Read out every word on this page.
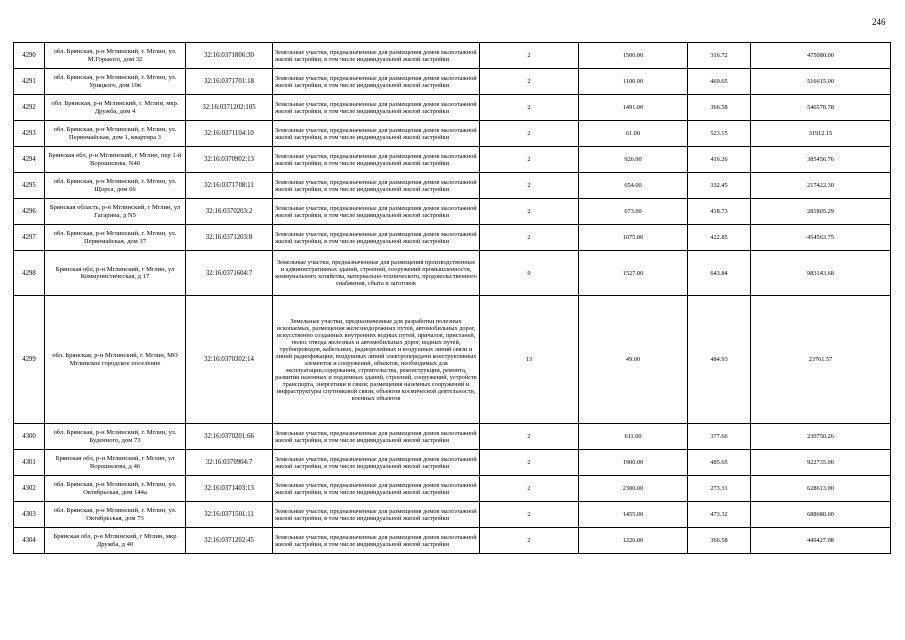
246
4290	обл. Брянская, р-н Мглинский, г. Мглин, ул. М.Горького, дом 32	32:16:0371806:30	Земельные участки, предназначенные для размещения домов малоэтажной жилой застройки, в том числе индивидуальной жилой застройки	2	1500.00	316.72	475080.00
4291	обл. Брянская, р-н Мглинский, г. Мглин, ул. Урицкого, дом 10в	32:16:0371701:18	Земельные участки, предназначенные для размещения домов малоэтажной жилой застройки, в том числе индивидуальной жилой застройки	2	1100.00	469.65	516615.00
4292	обл. Брянская, р-н Мглинский, г. Мглин, мкр. Дружба, дом 4	32:16:0371202:105	Земельные участки, предназначенные для размещения домов малоэтажной жилой застройки, в том числе индивидуальной жилой застройки	2	1491.00	366.58	546570.78
4293	обл. Брянская, р-н Мглинский, г. Мглин, ул. Первомайская, дом 1, квартира 3	32:16:0371104:10	Земельные участки, предназначенные для размещения домов малоэтажной жилой застройки, в том числе индивидуальной жилой застройки	2	61.00	523.15	31912.15
4294	Брянская обл, р-н Мглинский, г Мглин, пер 1-й Ворошилова, N40	32:16:0370902:13	Земельные участки, предназначенные для размещения домов малоэтажной жилой застройки, в том числе индивидуальной жилой застройки	2	926.00	416.26	385456.76
4295	обл. Брянская, р-н Мглинский, г. Мглин, ул. Щорса, дом 66	32:16:0371708:11	Земельные участки, предназначенные для размещения домов малоэтажной жилой застройки, в том числе индивидуальной жилой застройки	2	654.00	332.45	217422.30
4296	Брянская область, р-н Мглинский, г Мглин, ул Гагарина, д N5	32:16:0370203:2	Земельные участки, предназначенные для размещения домов малоэтажной жилой застройки, в том числе индивидуальной жилой застройки	2	673.00	418.73	281805.29
4297	обл. Брянская, р-н Мглинский, г. Мглин, ул. Первомайская, дом 37	32:16:0371203:8	Земельные участки, предназначенные для размещения домов малоэтажной жилой застройки, в том числе индивидуальной жилой застройки	2	1075.00	422.85	454563.75
4298	Брянская обл, р-н Мглинский, г Мглин, ул Коммунистическая, д 17	32:16:0371604:7	Земельные участки, предназначенные для размещения производственных и административных зданий, строений, сооружений промышленности, коммунального хозяйства, материально-технического, продовольственного снабжения, сбыта и заготовок	9	1527.00	643.84	983143.68
4299	обл. Брянская, р-н Мглинский, г. Мглин, МО Мглинское городское поселение	32:16:0370302:14	Земельные участки, предназначенные для разработки полезных ископаемых, размещения железнодорожных путей, автомобильных дорог, искусственно созданных внутренних водных путей, причалов, пристаней, полос отвода железных и автомобильных дорог, водных путей, трубопроводов, кабельных, радиорелейных и воздушных линий связи и линий радиофикации, воздушных линий электропередачи конструктивных элементов и сооружений, объектов, необходимых для эксплуатации,содержания, строительства, реконструкции, ремонта, развития наземных и подземных зданий, строений, сооружений, устройств транспорта, энергетики и связи; размещения наземных сооружений и инфраструктуры спутниковой связи, объектов космической деятельности, военных объектов	13	49.00	484.93	23761.57
4300	обл. Брянская, р-н Мглинский, г. Мглин, ул. Буденного, дом 73	32:16:0370201:66	Земельные участки, предназначенные для размещения домов малоэтажной жилой застройки, в том числе индивидуальной жилой застройки	2	611.00	377.66	230750.26
4301	Брянская обл, р-н Мглинский, г Мглин, ул Ворошилова, д 46	32:16:0370904:7	Земельные участки, предназначенные для размещения домов малоэтажной жилой застройки, в том числе индивидуальной жилой застройки	2	1900.00	485.65	922735.00
4302	обл. Брянская, р-н Мглинский, г. Мглин, ул. Октябрьская, дом 144а	32:16:0371403:13	Земельные участки, предназначенные для размещения домов малоэтажной жилой застройки, в том числе индивидуальной жилой застройки	2	2300.00	273.31	628613.00
4303	обл. Брянская, р-н Мглинский, г. Мглин, ул. Октябрьская, дом 73	32:16:0371501:11	Земельные участки, предназначенные для размещения домов малоэтажной жилой застройки, в том числе индивидуальной жилой застройки	2	1455.00	473.32	688680.60
4304	Брянская обл, р-н Мглинский, г Мглин, мкр Дружба, д 40	32:16:0371202:45	Земельные участки, предназначенные для размещения домов малоэтажной жилой застройки, в том числе индивидуальной жилой застройки	2	1226.00	366.58	449427.08
